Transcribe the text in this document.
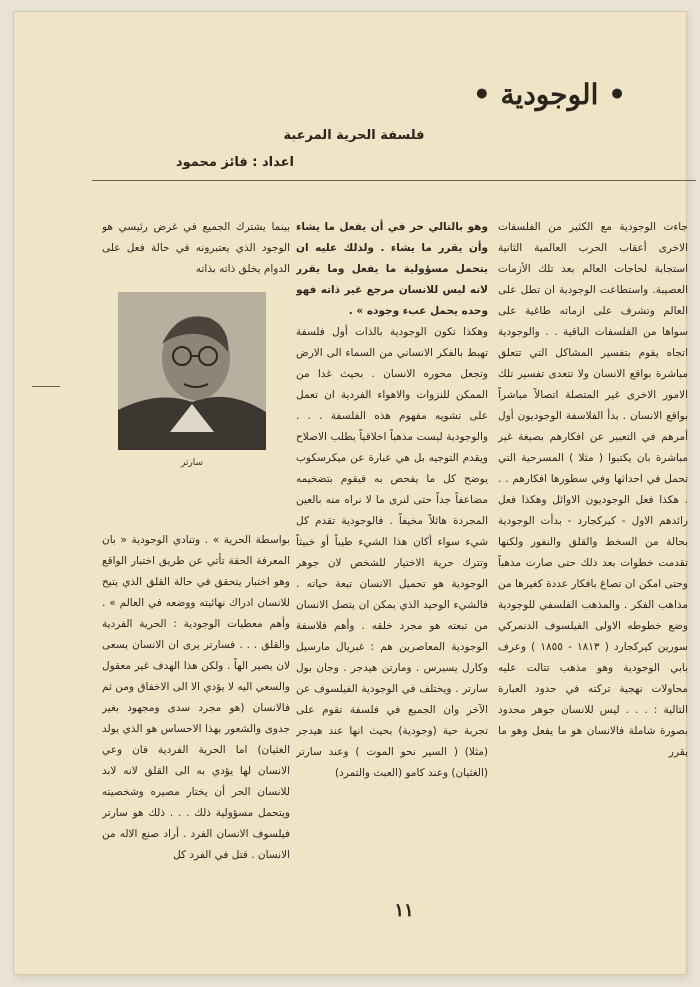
• الوجودية •
فلسفة الحرية المرعبة
اعداد : فائز محمود

جاءت الوجودية مع الكثير من الفلسفات الاخرى أعقاب الحرب العالمية الثانية استجابة لحاجات العالم بعد تلك الأزمات العصيبة. واستطاعت الوجودية ان تطل على العالم وتشرف على ازماته طاغية على سواها من الفلسفات الباقية . . والوجودية اتجاه يقوم بتفسير المشاكل التي تتعلق مباشرة بواقع الانسان ولا تتعدى تفسير تلك الامور الاخرى غير المتصلة اتصالاً مباشراً بواقع الانسان . بدأ الفلاسفة الوجوديون أول أمرهم في التعبير عن افكارهم بصيغة غير مباشرة بان يكتبوا ( مثلا ) المسرحية التي تحمل في احداثها وفي سطورها افكارهم . . . هكذا فعل الوجوديون الاوائل وهكذا فعل رائدهم الاول - كيركجارد - بدأت الوجودية بحالة من السخط والقلق والنفور ولكنها تقدمت خطوات بعد ذلك حتى صارت مذهباً وحتى امكن ان تصاغ بافكار عددة كغيرها من مذاهب الفكر . والمذهب الفلسفي للوجودية وضع خطوطه الاولى الفيلسوف الدنمركي سورين كيركجارد ( ١٨١٣ - ١٨٥٥ ) وعرف بابي الوجودية وهو مذهب تتالت عليه محاولات نهجية تركته في حدود العبارة التالية : . . . ليس للانسان جوهر محدود بصورة شاملة فالانسان هو ما يفعل وهو ما يقرر

وهو بالتالي حر في أن يفعل ما يشاء وأن يقرر ما يشاء . ولذلك عليه ان يتحمل مسؤولية ما يفعل وما يقرر لانه ليس للانسان مرجع غير ذاته فهو وحده يحمل عبء وجوده » .

وهكذا تكون الوجودية بالذات أول فلسفة تهبط بالفكر الانساني من السماء الى الارض وتجعل محوره الانسان . بحيث غدا من الممكن للنزوات والاهواء الفردية ان تعمل على تشويه مفهوم هذه الفلسفة . . . والوجودية ليست مذهباً اخلاقياً يطلب الاصلاح ويقدم التوجيه بل هي عبارة عن ميكرسكوب يوضح كل ما يفحص به فيقوم بتضخيمه مضاعفاً جداً حتى لنرى ما لا نراه منه بالعين المجردة هائلاً مخيفاً . فالوجودية تقدم كل شيء سواء أكان هذا الشيء طيباً أو خبيثاً وتترك حرية الاختيار للشخص لان جوهر الوجودية هو تحميل الانسان تبعة حياته . فالشيء الوحيد الذي يمكن ان يتصل الانسان من تبعته هو مجرد خلقه . وأهم فلاسفة الوجودية المعاصرين هم : غبريال مارسيل وكارل يسبرس . ومارتن هيدجر . وجان بول سارتر . ويختلف في الوجودية الفيلسوف عن الآخر وان الجميع في فلسفة تقوم على تجربة حية (وجودية) بحيث انها عند هيدجر (مثلا) ( السير نحو الموت ) وعند سارتر (الغثيان) وعند كامو (العبث والتمرد)

بينما يشترك الجميع في غرض رئيسي هو الوجود الذي يعتبرونه في حالة فعل على الدوام يخلق ذاته بذاته

بواسطة الحرية » . وتنادي الوجودية « بان المعرفة الحقة تأتي عن طريق اختبار الواقع وهو اختبار يتحقق في حالة القلق الذي يتيح للانسان ادراك نهائيته ووضعه في العالم » . وأهم معطيات الوجودية : الحرية الفردية والقلق . . . فسارتر يرى ان الانسان يسعى لان يصير الهاً . ولكن هذا الهدف غير معقول والسعي اليه لا يؤدي الا الى الاخفاق ومن ثم فالانسان (هو مجرد سدى ومجهود بغير جدوى والشعور بهذا الاحساس هو الذي يولد الغثيان) اما الحرية الفردية فان وعي الانسان لها يؤدي به الى القلق لانه لابد للانسان الحر أن يختار مصيره وشخصيته ويتحمل مسؤولية ذلك . . . ذلك هو سارتر فيلسوف الانسان الفرد . أراد صنع الاله من الانسان . قتل في الفرد كل

سارتر
١١
